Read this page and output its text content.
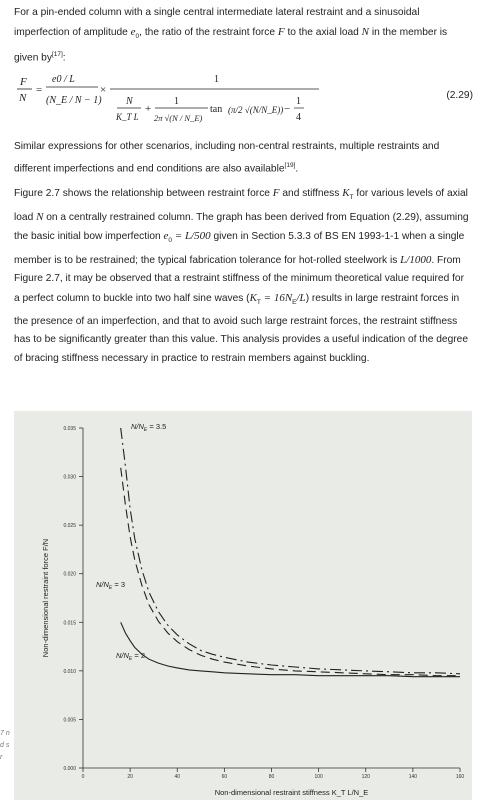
For a pin-ended column with a single central intermediate lateral restraint and a sinusoidal imperfection of amplitude $e_0$, the ratio of the restraint force F to the axial load N in the member is given by[17]:
F
N
=
e0 / L
(N_E / N − 1)
×
1
N
K_T L
+
1
2π √(N / N_E)
tan (π/2 √(N/N_E)) −
1
4
(2.29)
Similar expressions for other scenarios, including non-central restraints, multiple restraints and different imperfections and end conditions are also available[19].
Figure 2.7 shows the relationship between restraint force F and stiffness $K_T$ for various levels of axial load N on a centrally restrained column. The graph has been derived from Equation (2.29), assuming the basic initial bow imperfection $e_0 = L/500$ given in Section 5.3.3 of BS EN 1993-1-1 when a single member is to be restrained; the typical fabrication tolerance for hot-rolled steelwork is L/1000. From Figure 2.7, it may be observed that a restraint stiffness of the minimum theoretical value required for a perfect column to buckle into two half sine waves $(K_T = 16N_E/L)$ results in large restraint forces in the presence of an imperfection, and that to avoid such large restraint forces, the restraint stiffness has to be significantly greater than this value. This analysis provides a useful indication of the degree of bracing stiffness necessary in practice to restrain members against buckling.
0.000
0.005
0.010
0.015
0.020
0.025
0.030
0.035
0	20	40	60	80	100	120	140	160
Non-dimensional restraint stiffness K_T L/N_E
Non-dimensional restraint force F/N
$N/N_E = 3.5$
$N/N_E = 3$
$N/N_E = 2$
7 n d s r
